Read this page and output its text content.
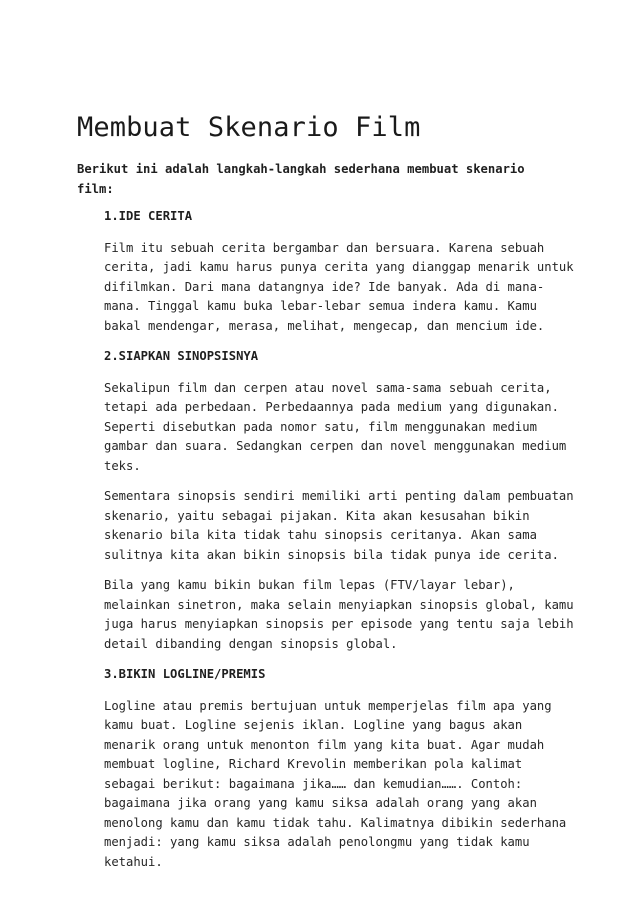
Membuat Skenario Film

Berikut ini adalah langkah-langkah sederhana membuat skenario film:

1.IDE CERITA

Film itu sebuah cerita bergambar dan bersuara. Karena sebuah cerita, jadi kamu harus punya cerita yang dianggap menarik untuk difilmkan. Dari mana datangnya ide? Ide banyak. Ada di mana-mana. Tinggal kamu buka lebar-lebar semua indera kamu. Kamu bakal mendengar, merasa, melihat, mengecap, dan mencium ide.

2.SIAPKAN SINOPSISNYA

Sekalipun film dan cerpen atau novel sama-sama sebuah cerita, tetapi ada perbedaan. Perbedaannya pada medium yang digunakan. Seperti disebutkan pada nomor satu, film menggunakan medium gambar dan suara. Sedangkan cerpen dan novel menggunakan medium teks.

Sementara sinopsis sendiri memiliki arti penting dalam pembuatan skenario, yaitu sebagai pijakan. Kita akan kesusahan bikin skenario bila kita tidak tahu sinopsis ceritanya. Akan sama sulitnya kita akan bikin sinopsis bila tidak punya ide cerita.

Bila yang kamu bikin bukan film lepas (FTV/layar lebar), melainkan sinetron, maka selain menyiapkan sinopsis global, kamu juga harus menyiapkan sinopsis per episode yang tentu saja lebih detail dibanding dengan sinopsis global.

3.BIKIN LOGLINE/PREMIS

Logline atau premis bertujuan untuk memperjelas film apa yang kamu buat. Logline sejenis iklan. Logline yang bagus akan menarik orang untuk menonton film yang kita buat. Agar mudah membuat logline, Richard Krevolin memberikan pola kalimat sebagai berikut: bagaimana jika…… dan kemudian……. Contoh: bagaimana jika orang yang kamu siksa adalah orang yang akan menolong kamu dan kamu tidak tahu. Kalimatnya dibikin sederhana menjadi: yang kamu siksa adalah penolongmu yang tidak kamu ketahui.
